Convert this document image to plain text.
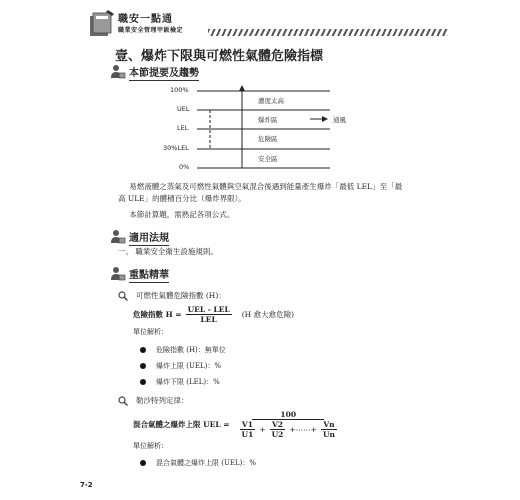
職安一點通
職業安全管理甲級檢定
壹、爆炸下限與可燃性氣體危險指標
本節提要及趨勢
100%
UEL
LEL
30%LEL
0%
濃度太高
爆炸區
危險區
安全區
通風
易燃液體之蒸氣及可燃性氣體與空氣混合後遇到能量產生爆炸「最低 LEL」至「最高 ULE」的體積百分比（爆炸界限）。
本節計算題，需熟記各項公式。
適用法規
一、 職業安全衛生設施規則。
重點精華
可燃性氣體危險指數 (H)：
危險指數 $H = \frac{\text{UEL - LEL}}{\text{LEL}} (H$ 愈大愈危險)
單位解析：
危險指數 (H)：無單位
爆炸上限 (UEL)：%
爆炸下限 (LEL)：%
勒沙特列定律：
混合氣體之爆炸上限 UEL =
100
$\frac{V1}{U1} + \frac{V2}{U2}$ +⋯⋯+ $\frac{Vn}{Un}$
單位解析：
混合氣體之爆炸上限 (UEL)：%
7-2
